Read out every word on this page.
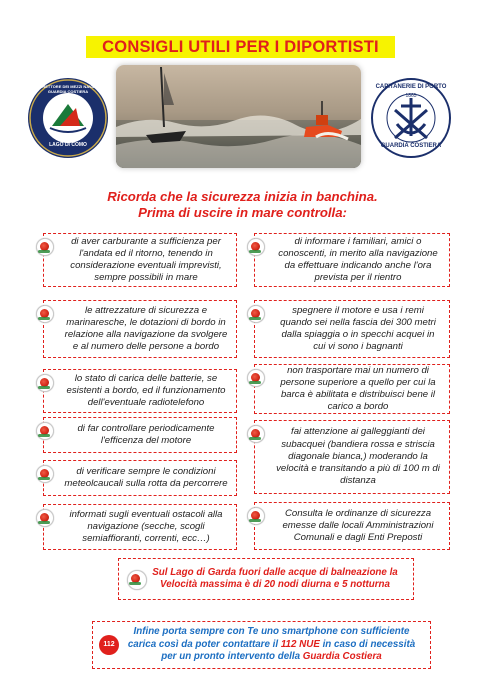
CONSIGLI UTILI PER I DIPORTISTI
LAGO DI COMO
DIRETTORE DEI MEZZI NAVALI GUARDIA COSTIERA
CAPITANERIE DI PORTO
1865
GUARDIA COSTIERA
Ricorda che la sicurezza inizia in banchina.
Prima di uscire in mare controlla:
di aver carburante a sufficienza per l'andata ed il ritorno, tenendo in considerazione eventuali imprevisti, sempre possibili in mare
le attrezzature di sicurezza e marinaresche, le dotazioni di bordo in relazione alla navigazione da svolgere e al numero delle persone a bordo
lo stato di carica delle batterie, se esistenti a bordo, ed il funzionamento dell'eventuale radiotelefono
di far controllare periodicamente l'efficenza del motore
di verificare sempre le condizioni meteolcaucali sulla rotta da percorrere
informati sugli eventuali ostacoli alla navigazione (secche, scogli semiaffioranti, correnti, ecc…)
di informare i familiari, amici o conoscenti, in merito alla navigazione da effettuare indicando anche l'ora prevista per il rientro
spegnere il motore e usa i remi quando sei nella fascia dei 300 metri dalla spiaggia o in specchi acquei in cui vi sono i bagnanti
non trasportare mai un numero di persone superiore a quello per cui la barca è abilitata e distribuisci bene il carico a bordo
fai attenzione ai galleggianti dei subacquei (bandiera rossa e striscia diagonale bianca,) moderando la velocità e transitando a più di 100 m di distanza
Consulta le ordinanze di sicurezza emesse dalle locali Amministrazioni Comunali e dagli Enti Preposti
Sul Lago di Garda fuori dalle acque di balneazione la Velocità massima è di 20 nodi diurna e 5 notturna
112
Infine porta sempre con Te uno smartphone con sufficiente carica così da poter contattare il 112 NUE in caso di necessità per un pronto intervento della Guardia Costiera
